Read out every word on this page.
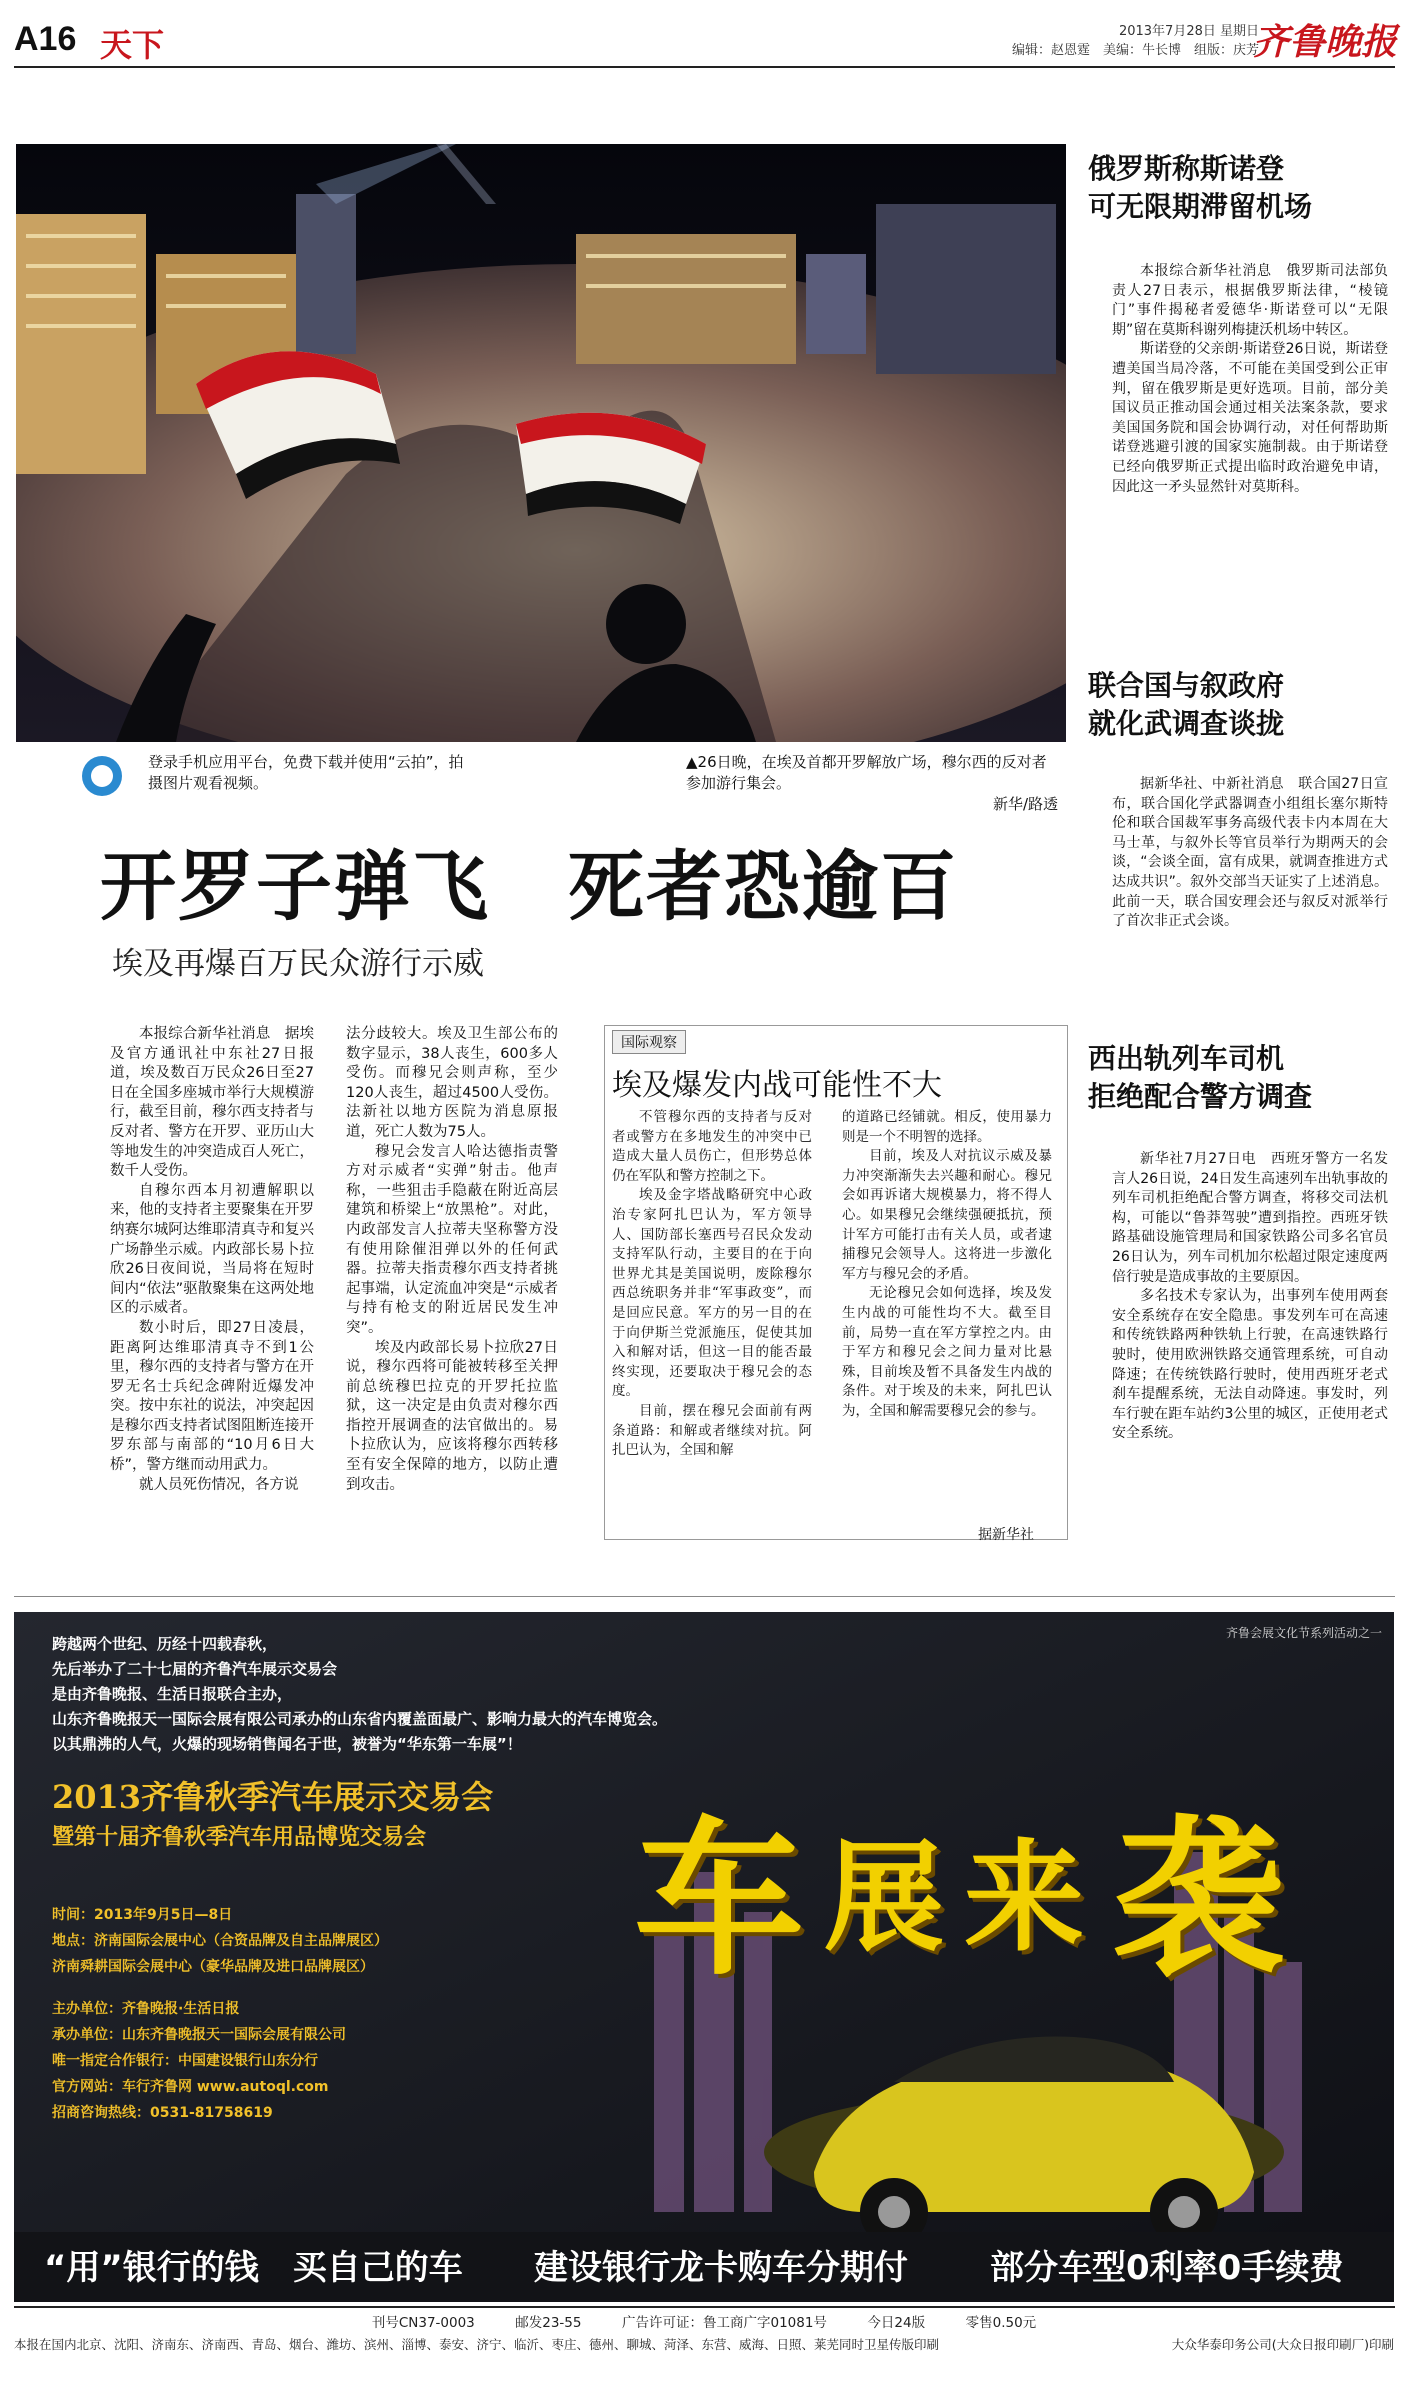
A16 天下	2013年7月28日 星期日
编辑：赵恩霆　美编：牛长博　组版：庆芳
齐鲁晚报
登录手机应用平台，免费下载并使用“云拍”，拍摄图片观看视频。
▲26日晚，在埃及首都开罗解放广场，穆尔西的反对者参加游行集会。
新华/路透
开罗子弹飞　死者恐逾百
埃及再爆百万民众游行示威

本报综合新华社消息　据埃及官方通讯社中东社27日报道，埃及数百万民众26日至27日在全国多座城市举行大规模游行，截至目前，穆尔西支持者与反对者、警方在开罗、亚历山大等地发生的冲突造成百人死亡，数千人受伤。

自穆尔西本月初遭解职以来，他的支持者主要聚集在开罗纳赛尔城阿达维耶清真寺和复兴广场静坐示威。内政部长易卜拉欣26日夜间说，当局将在短时间内“依法”驱散聚集在这两处地区的示威者。

数小时后，即27日凌晨，距离阿达维耶清真寺不到1公里，穆尔西的支持者与警方在开罗无名士兵纪念碑附近爆发冲突。按中东社的说法，冲突起因是穆尔西支持者试图阻断连接开罗东部与南部的“10月6日大桥”，警方继而动用武力。

就人员死伤情况，各方说

法分歧较大。埃及卫生部公布的数字显示，38人丧生，600多人受伤。而穆兄会则声称，至少120人丧生，超过4500人受伤。法新社以地方医院为消息原报道，死亡人数为75人。

穆兄会发言人哈达德指责警方对示威者“实弹”射击。他声称，一些狙击手隐蔽在附近高层建筑和桥梁上“放黑枪”。对此，内政部发言人拉蒂夫坚称警方没有使用除催泪弹以外的任何武器。拉蒂夫指责穆尔西支持者挑起事端，认定流血冲突是“示威者与持有枪支的附近居民发生冲突”。

埃及内政部长易卜拉欣27日说，穆尔西将可能被转移至关押前总统穆巴拉克的开罗托拉监狱，这一决定是由负责对穆尔西指控开展调查的法官做出的。易卜拉欣认为，应该将穆尔西转移至有安全保障的地方，以防止遭到攻击。

国际观察
埃及爆发内战可能性不大

不管穆尔西的支持者与反对者或警方在多地发生的冲突中已造成大量人员伤亡，但形势总体仍在军队和警方控制之下。

埃及金字塔战略研究中心政治专家阿扎巴认为，军方领导人、国防部长塞西号召民众发动支持军队行动，主要目的在于向世界尤其是美国说明，废除穆尔西总统职务并非“军事政变”，而是回应民意。军方的另一目的在于向伊斯兰党派施压，促使其加入和解对话，但这一目的能否最终实现，还要取决于穆兄会的态度。

目前，摆在穆兄会面前有两条道路：和解或者继续对抗。阿扎巴认为，全国和解

的道路已经铺就。相反，使用暴力则是一个不明智的选择。

目前，埃及人对抗议示威及暴力冲突渐渐失去兴趣和耐心。穆兄会如再诉诸大规模暴力，将不得人心。如果穆兄会继续强硬抵抗，预计军方可能打击有关人员，或者逮捕穆兄会领导人。这将进一步激化军方与穆兄会的矛盾。

无论穆兄会如何选择，埃及发生内战的可能性均不大。截至目前，局势一直在军方掌控之内。由于军方和穆兄会之间力量对比悬殊，目前埃及暂不具备发生内战的条件。对于埃及的未来，阿扎巴认为，全国和解需要穆兄会的参与。

据新华社
俄罗斯称斯诺登
可无限期滞留机场

本报综合新华社消息　俄罗斯司法部负责人27日表示，根据俄罗斯法律，“棱镜门”事件揭秘者爱德华·斯诺登可以“无限期”留在莫斯科谢列梅捷沃机场中转区。

斯诺登的父亲朗·斯诺登26日说，斯诺登遭美国当局冷落，不可能在美国受到公正审判，留在俄罗斯是更好选项。目前，部分美国议员正推动国会通过相关法案条款，要求美国国务院和国会协调行动，对任何帮助斯诺登逃避引渡的国家实施制裁。由于斯诺登已经向俄罗斯正式提出临时政治避免申请，因此这一矛头显然针对莫斯科。

联合国与叙政府
就化武调查谈拢

据新华社、中新社消息　联合国27日宣布，联合国化学武器调查小组组长塞尔斯特伦和联合国裁军事务高级代表卡内本周在大马士革，与叙外长等官员举行为期两天的会谈，“会谈全面，富有成果，就调查推进方式达成共识”。叙外交部当天证实了上述消息。此前一天，联合国安理会还与叙反对派举行了首次非正式会谈。

西出轨列车司机
拒绝配合警方调查

新华社7月27日电　西班牙警方一名发言人26日说，24日发生高速列车出轨事故的列车司机拒绝配合警方调查，将移交司法机构，可能以“鲁莽驾驶”遭到指控。西班牙铁路基础设施管理局和国家铁路公司多名官员26日认为，列车司机加尔松超过限定速度两倍行驶是造成事故的主要原因。

多名技术专家认为，出事列车使用两套安全系统存在安全隐患。事发列车可在高速和传统铁路两种铁轨上行驶，在高速铁路行驶时，使用欧洲铁路交通管理系统，可自动降速；在传统铁路行驶时，使用西班牙老式刹车提醒系统，无法自动降速。事发时，列车行驶在距车站约3公里的城区，正使用老式安全系统。

齐鲁会展文化节系列活动之一
跨越两个世纪、历经十四载春秋，
先后举办了二十七届的齐鲁汽车展示交易会
是由齐鲁晚报、生活日报联合主办，
山东齐鲁晚报天一国际会展有限公司承办的山东省内覆盖面最广、影响力最大的汽车博览会。
以其鼎沸的人气，火爆的现场销售闻名于世，被誉为“华东第一车展”！
2013齐鲁秋季汽车展示交易会
暨第十届齐鲁秋季汽车用品博览交易会 车 展 来 袭
时间：2013年9月5日—8日
地点：济南国际会展中心（合资品牌及自主品牌展区）
济南舜耕国际会展中心（豪华品牌及进口品牌展区）
主办单位：齐鲁晚报·生活日报
承办单位：山东齐鲁晚报天一国际会展有限公司
唯一指定合作银行：中国建设银行山东分行
官方网站：车行齐鲁网 www.autoql.com
招商咨询热线：0531-81758619
“用”银行的钱　买自己的车 建设银行龙卡购车分期付 部分车型0利率0手续费
刊号CN37-0003　　　邮发23-55　　　广告许可证：鲁工商广字01081号　　　今日24版　　　零售0.50元
本报在国内北京、沈阳、济南东、济南西、青岛、烟台、潍坊、滨州、淄博、泰安、济宁、临沂、枣庄、德州、聊城、菏泽、东营、威海、日照、莱芜同时卫星传版印刷	大众华泰印务公司(大众日报印刷厂)印刷
